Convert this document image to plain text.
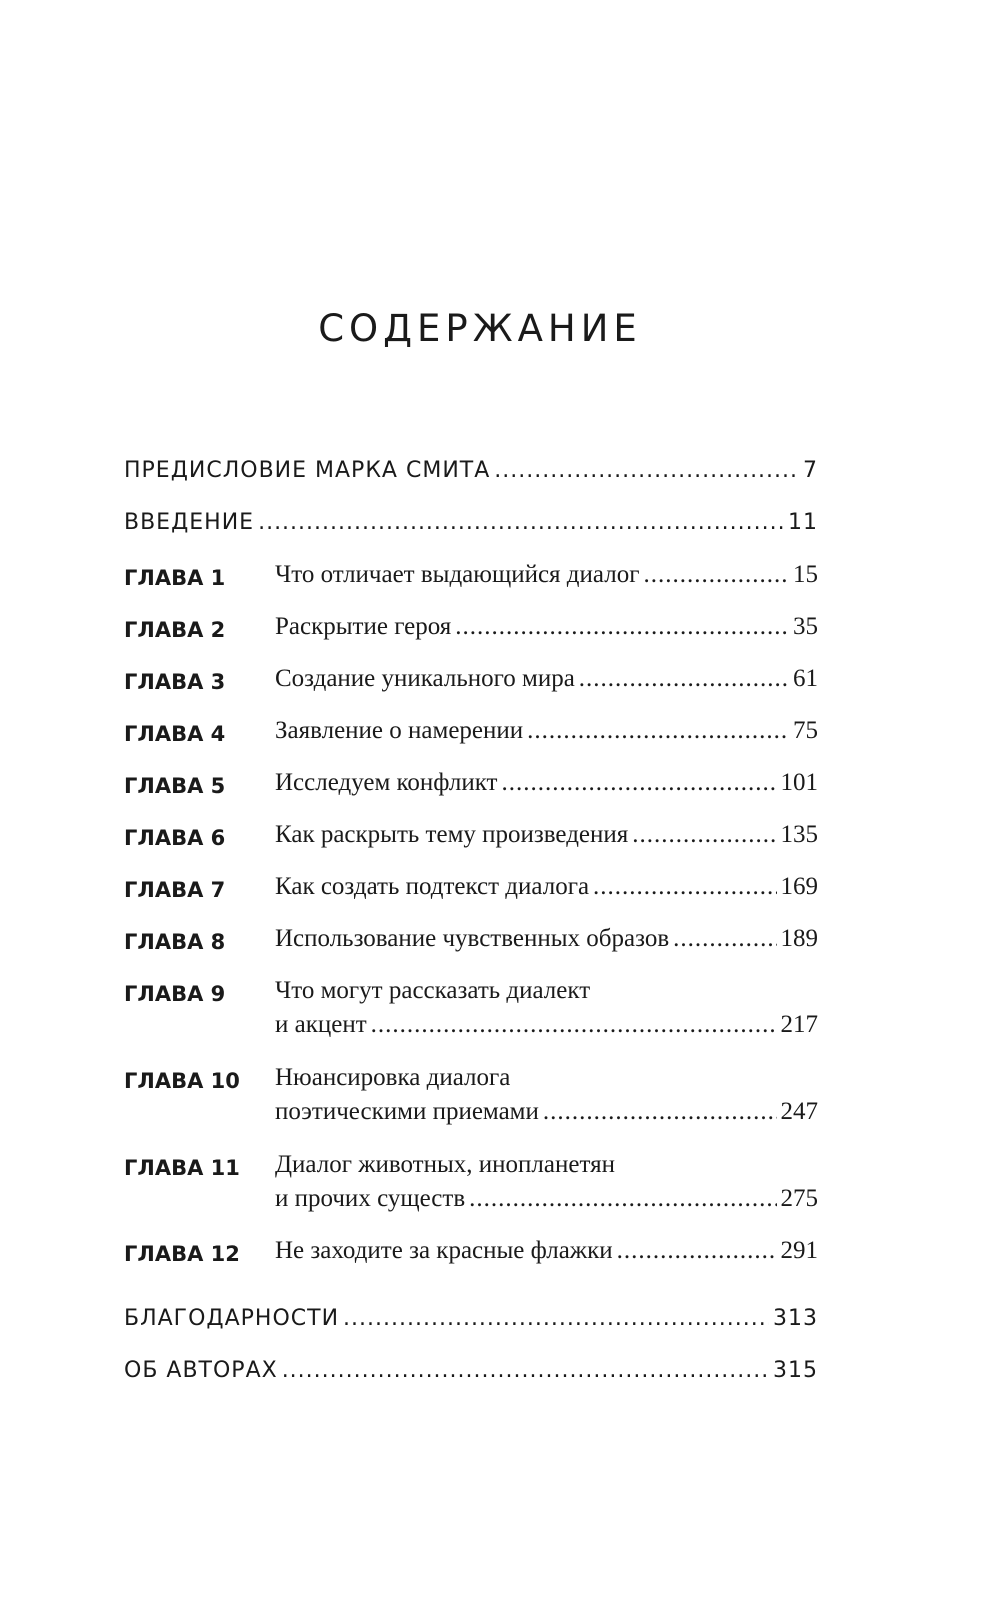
СОДЕРЖАНИЕ
ПРЕДИСЛОВИЕ МАРКА СМИТА .....	7
ВВЕДЕНИЕ .....	11
ГЛАВА 1 Что отличает выдающийся диалог .....	15
ГЛАВА 2 Раскрытие героя .....	35
ГЛАВА 3 Создание уникального мира .....	61
ГЛАВА 4 Заявление о намерении .....	75
ГЛАВА 5 Исследуем конфликт .....	101
ГЛАВА 6 Как раскрыть тему произведения .....	135
ГЛАВА 7 Как создать подтекст диалога .....	169
ГЛАВА 8 Использование чувственных образов .....	189
ГЛАВА 9 Что могут рассказать диалект
и акцент .....	217
ГЛАВА 10 Нюансировка диалога
поэтическими приемами .....	247
ГЛАВА 11 Диалог животных, инопланетян
и прочих существ .....	275
ГЛАВА 12 Не заходите за красные флажки .....	291
БЛАГОДАРНОСТИ .....	313
ОБ АВТОРАХ .....	315
